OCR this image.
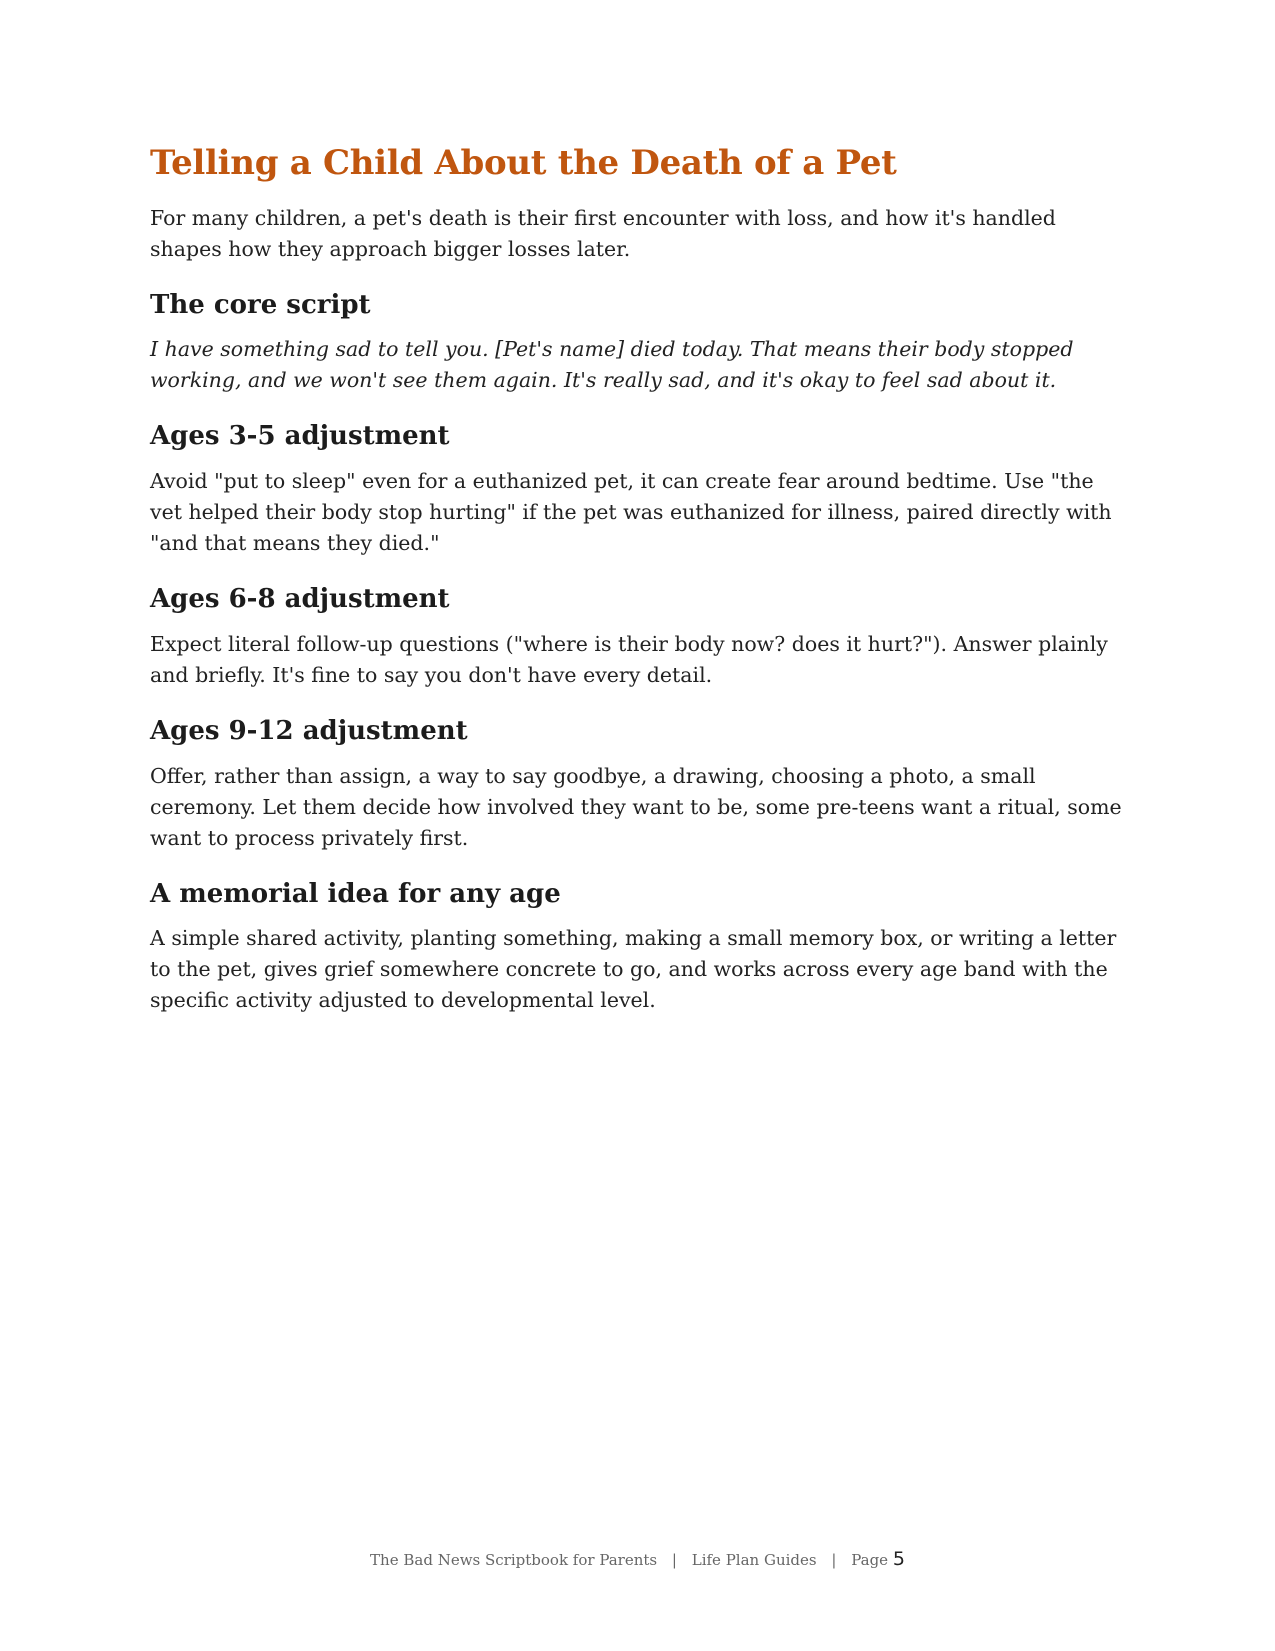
Telling a Child About the Death of a Pet

For many children, a pet's death is their first encounter with loss, and how it's handled shapes how they approach bigger losses later.

The core script

I have something sad to tell you. [Pet's name] died today. That means their body stopped working, and we won't see them again. It's really sad, and it's okay to feel sad about it.

Ages 3-5 adjustment

Avoid "put to sleep" even for a euthanized pet, it can create fear around bedtime. Use "the vet helped their body stop hurting" if the pet was euthanized for illness, paired directly with "and that means they died."

Ages 6-8 adjustment

Expect literal follow-up questions ("where is their body now? does it hurt?"). Answer plainly and briefly. It's fine to say you don't have every detail.

Ages 9-12 adjustment

Offer, rather than assign, a way to say goodbye, a drawing, choosing a photo, a small ceremony. Let them decide how involved they want to be, some pre-teens want a ritual, some want to process privately first.

A memorial idea for any age

A simple shared activity, planting something, making a small memory box, or writing a letter to the pet, gives grief somewhere concrete to go, and works across every age band with the specific activity adjusted to developmental level.

The Bad News Scriptbook for Parents | Life Plan Guides | Page 5
